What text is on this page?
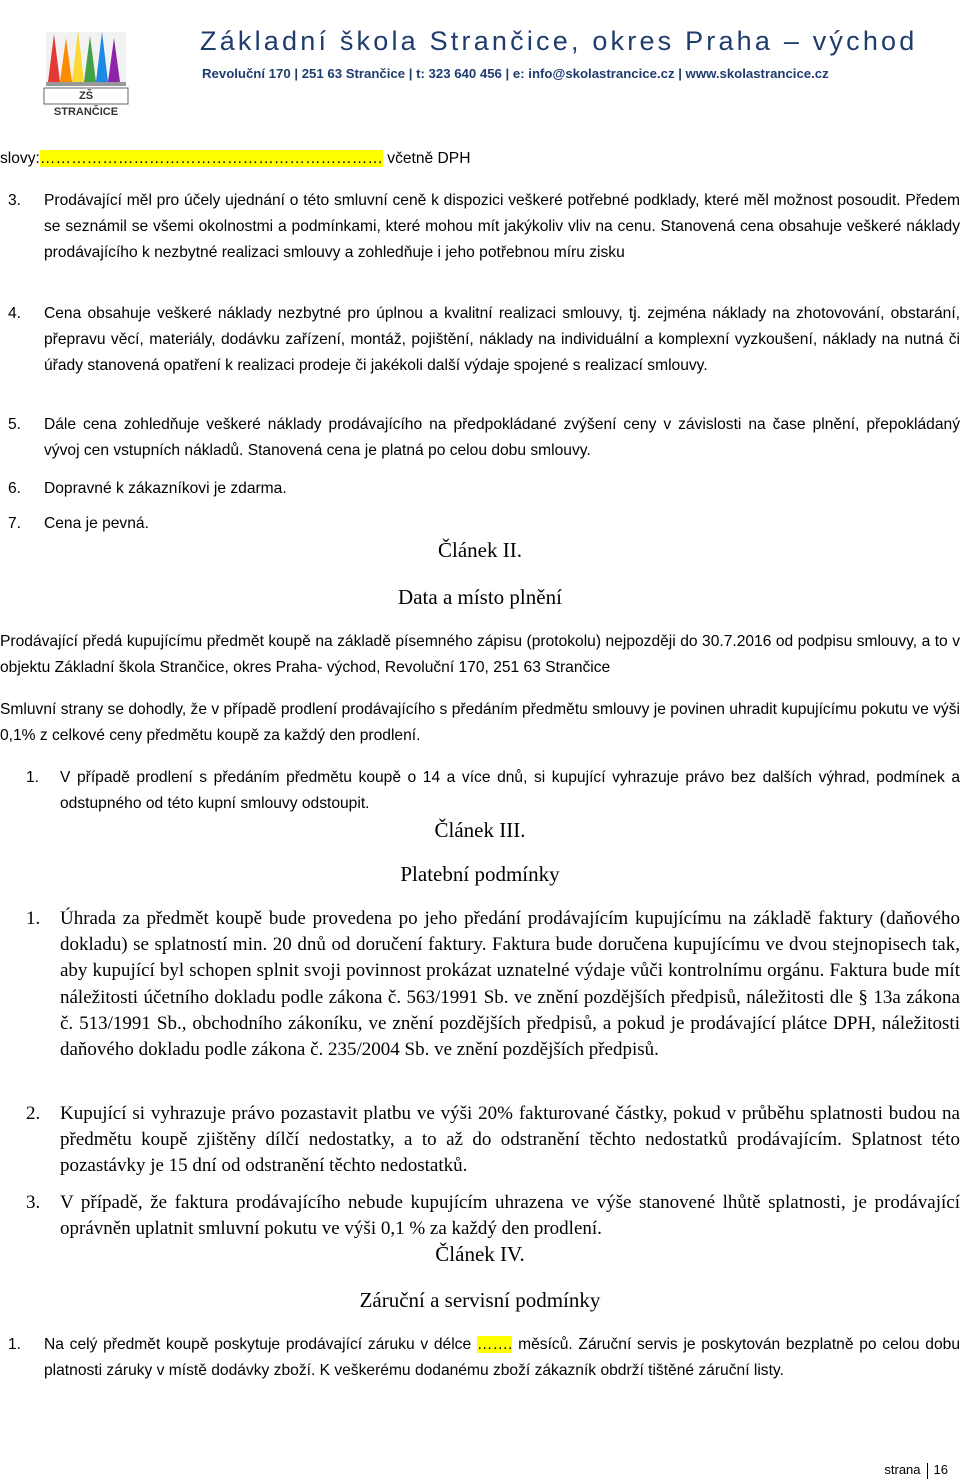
ZŠ STRANČICE
Základní škola Strančice, okres Praha – východ
Revoluční 170 | 251 63 Strančice | t: 323 640 456 | e: info@skolastrancice.cz | www.skolastrancice.cz
slovy:………………………………………………………… včetně DPH
3. Prodávající měl pro účely ujednání o této smluvní ceně k dispozici veškeré potřebné podklady, které měl možnost posoudit. Předem se seznámil se všemi okolnostmi a podmínkami, které mohou mít jakýkoliv vliv na cenu. Stanovená cena obsahuje veškeré náklady prodávajícího k nezbytné realizaci smlouvy a zohledňuje i jeho potřebnou míru zisku
4. Cena obsahuje veškeré náklady nezbytné pro úplnou a kvalitní realizaci smlouvy, tj. zejména náklady na zhotovování, obstarání, přepravu věcí, materiály, dodávku zařízení, montáž, pojištění, náklady na individuální a komplexní vyzkoušení, náklady na nutná či úřady stanovená opatření k realizaci prodeje či jakékoli další výdaje spojené s realizací smlouvy.
5. Dále cena zohledňuje veškeré náklady prodávajícího na předpokládané zvýšení ceny v závislosti na čase plnění, přepokládaný vývoj cen vstupních nákladů. Stanovená cena je platná po celou dobu smlouvy.
6. Dopravné k zákazníkovi je zdarma.
7. Cena je pevná.
Článek II.
Data a místo plnění
Prodávající předá kupujícímu předmět koupě na základě písemného zápisu (protokolu) nejpozději do 30.7.2016 od podpisu smlouvy, a to v objektu Základní škola Strančice, okres Praha- východ, Revoluční 170, 251 63 Strančice
Smluvní strany se dohodly, že v případě prodlení prodávajícího s předáním předmětu smlouvy je povinen uhradit kupujícímu pokutu ve výši 0,1% z celkové ceny předmětu koupě za každý den prodlení.
1. V případě prodlení s předáním předmětu koupě o 14 a více dnů, si kupující vyhrazuje právo bez dalších výhrad, podmínek a odstupného od této kupní smlouvy odstoupit.
Článek III.
Platební podmínky
1. Úhrada za předmět koupě bude provedena po jeho předání prodávajícím kupujícímu na základě faktury (daňového dokladu) se splatností min. 20 dnů od doručení faktury. Faktura bude doručena kupujícímu ve dvou stejnopisech tak, aby kupující byl schopen splnit svoji povinnost prokázat uznatelné výdaje vůči kontrolnímu orgánu. Faktura bude mít náležitosti účetního dokladu podle zákona č. 563/1991 Sb. ve znění pozdějších předpisů, náležitosti dle § 13a zákona č. 513/1991 Sb., obchodního zákoníku, ve znění pozdějších předpisů, a pokud je prodávající plátce DPH, náležitosti daňového dokladu podle zákona č. 235/2004 Sb. ve znění pozdějších předpisů.
2. Kupující si vyhrazuje právo pozastavit platbu ve výši 20% fakturované částky, pokud v průběhu splatnosti budou na předmětu koupě zjištěny dílčí nedostatky, a to až do odstranění těchto nedostatků prodávajícím. Splatnost této pozastávky je 15 dní od odstranění těchto nedostatků.
3. V případě, že faktura prodávajícího nebude kupujícím uhrazena ve výše stanovené lhůtě splatnosti, je prodávající oprávněn uplatnit smluvní pokutu ve výši 0,1 % za každý den prodlení.
Článek IV.
Záruční a servisní podmínky
1. Na celý předmět koupě poskytuje prodávající záruku v délce ……. měsíců. Záruční servis je poskytován bezplatně po celou dobu platnosti záruky v místě dodávky zboží. K veškerému dodanému zboží zákazník obdrží tištěné záruční listy.
strana 16
